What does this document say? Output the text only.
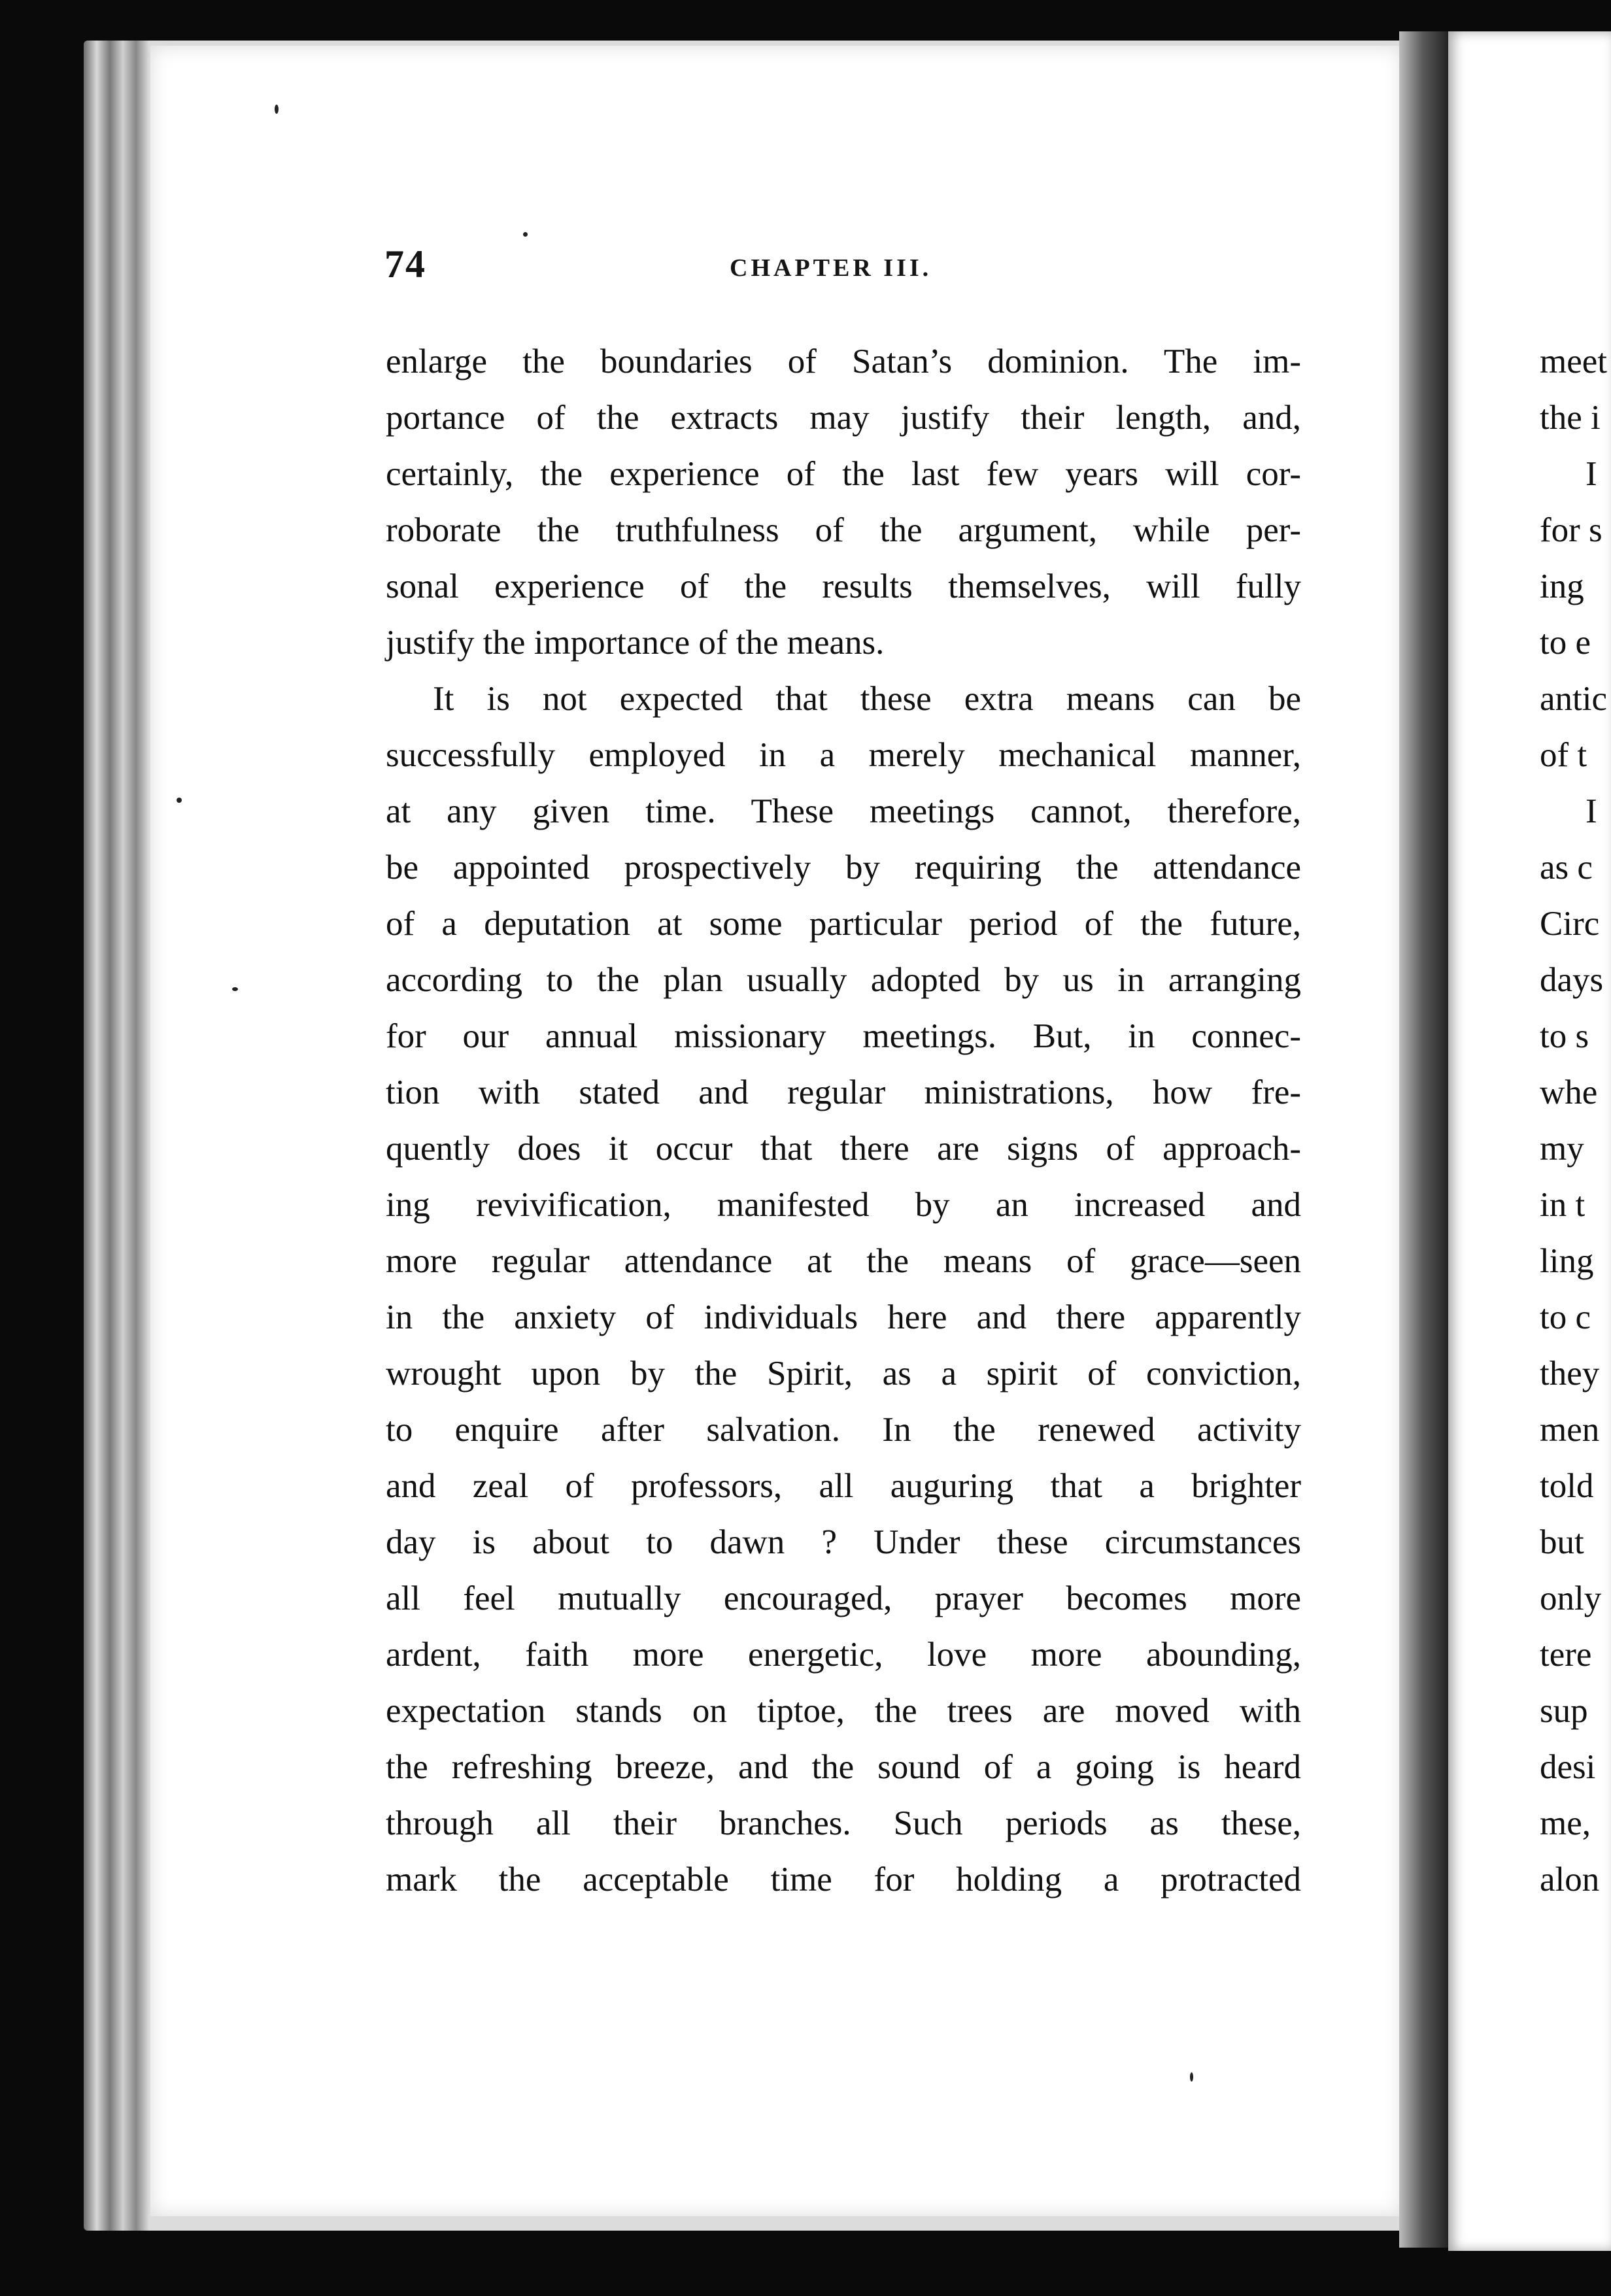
74	CHAPTER III.
enlarge the boundaries of Satan’s dominion. The im-
portance of the extracts may justify their length, and,
certainly, the experience of the last few years will cor-
roborate the truthfulness of the argument, while per-
sonal experience of the results themselves, will fully
justify the importance of the means.
It is not expected that these extra means can be
successfully employed in a merely mechanical manner,
at any given time. These meetings cannot, therefore,
be appointed prospectively by requiring the attendance
of a deputation at some particular period of the future,
according to the plan usually adopted by us in arranging
for our annual missionary meetings. But, in connec-
tion with stated and regular ministrations, how fre-
quently does it occur that there are signs of approach-
ing revivification, manifested by an increased and
more regular attendance at the means of grace—seen
in the anxiety of individuals here and there apparently
wrought upon by the Spirit, as a spirit of conviction,
to enquire after salvation. In the renewed activity
and zeal of professors, all auguring that a brighter
day is about to dawn ? Under these circumstances
all feel mutually encouraged, prayer becomes more
ardent, faith more energetic, love more abounding,
expectation stands on tiptoe, the trees are moved with
the refreshing breeze, and the sound of a going is heard
through all their branches. Such periods as these,
mark the acceptable time for holding a protracted
meet
the i
I
for s
ing
to e
antic
of t
I
as c
Circ
days
to s
whe
my
in t
ling
to c
they
men
told
but
only
tere
sup
desi
me,
alon
